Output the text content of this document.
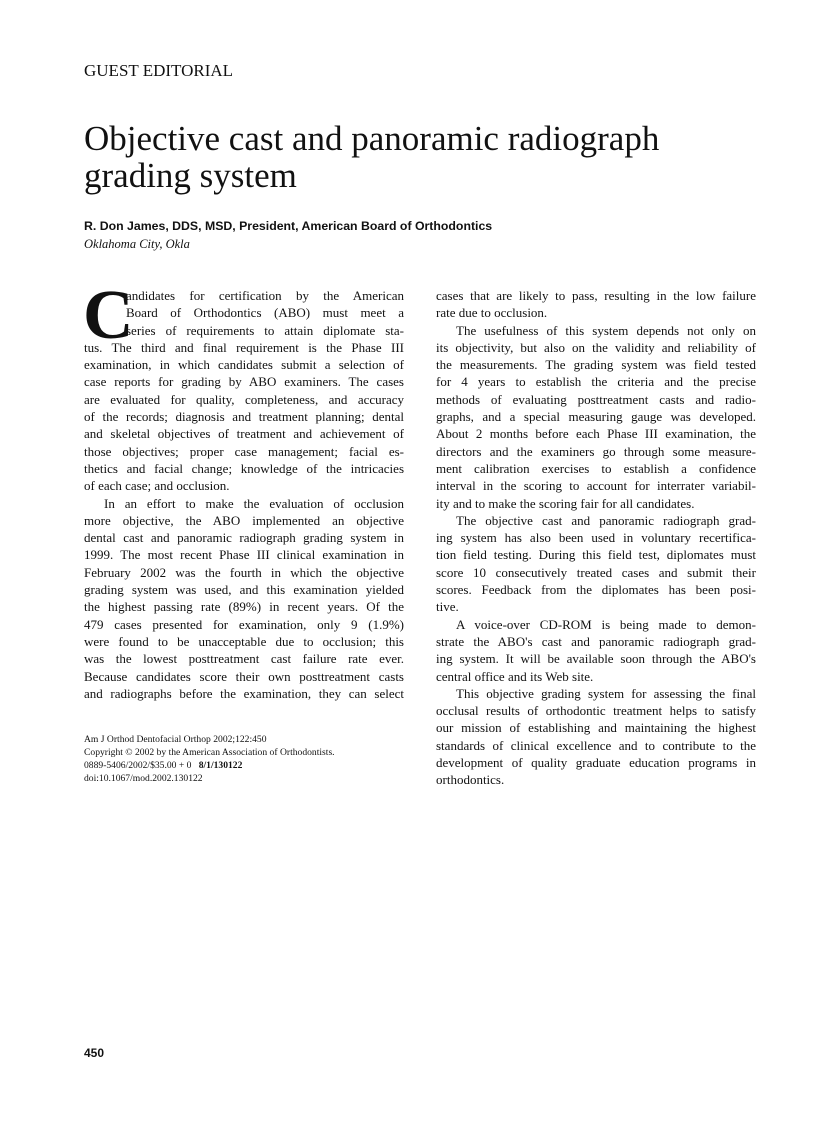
GUEST EDITORIAL
Objective cast and panoramic radiograph
grading system
R. Don James, DDS, MSD, President, American Board of Orthodontics
Oklahoma City, Okla
C
andidates for certification by the American
Board of Orthodontics (ABO) must meet a
series of requirements to attain diplomate sta-
tus. The third and final requirement is the Phase III
examination, in which candidates submit a selection of
case reports for grading by ABO examiners. The cases
are evaluated for quality, completeness, and accuracy
of the records; diagnosis and treatment planning; dental
and skeletal objectives of treatment and achievement of
those objectives; proper case management; facial es-
thetics and facial change; knowledge of the intricacies
of each case; and occlusion.
In an effort to make the evaluation of occlusion
more objective, the ABO implemented an objective
dental cast and panoramic radiograph grading system in
1999. The most recent Phase III clinical examination in
February 2002 was the fourth in which the objective
grading system was used, and this examination yielded
the highest passing rate (89%) in recent years. Of the
479 cases presented for examination, only 9 (1.9%)
were found to be unacceptable due to occlusion; this
was the lowest posttreatment cast failure rate ever.
Because candidates score their own posttreatment casts
and radiographs before the examination, they can select
cases that are likely to pass, resulting in the low failure
rate due to occlusion.
The usefulness of this system depends not only on
its objectivity, but also on the validity and reliability of
the measurements. The grading system was field tested
for 4 years to establish the criteria and the precise
methods of evaluating posttreatment casts and radio-
graphs, and a special measuring gauge was developed.
About 2 months before each Phase III examination, the
directors and the examiners go through some measure-
ment calibration exercises to establish a confidence
interval in the scoring to account for interrater variabil-
ity and to make the scoring fair for all candidates.
The objective cast and panoramic radiograph grad-
ing system has also been used in voluntary recertifica-
tion field testing. During this field test, diplomates must
score 10 consecutively treated cases and submit their
scores. Feedback from the diplomates has been posi-
tive.
A voice-over CD-ROM is being made to demon-
strate the ABO's cast and panoramic radiograph grad-
ing system. It will be available soon through the ABO's
central office and its Web site.
This objective grading system for assessing the final
occlusal results of orthodontic treatment helps to satisfy
our mission of establishing and maintaining the highest
standards of clinical excellence and to contribute to the
development of quality graduate education programs in
orthodontics.
Am J Orthod Dentofacial Orthop 2002;122:450
Copyright © 2002 by the American Association of Orthodontists.
0889-5406/2002/$35.00 + 0 8/1/130122
doi:10.1067/mod.2002.130122
450
